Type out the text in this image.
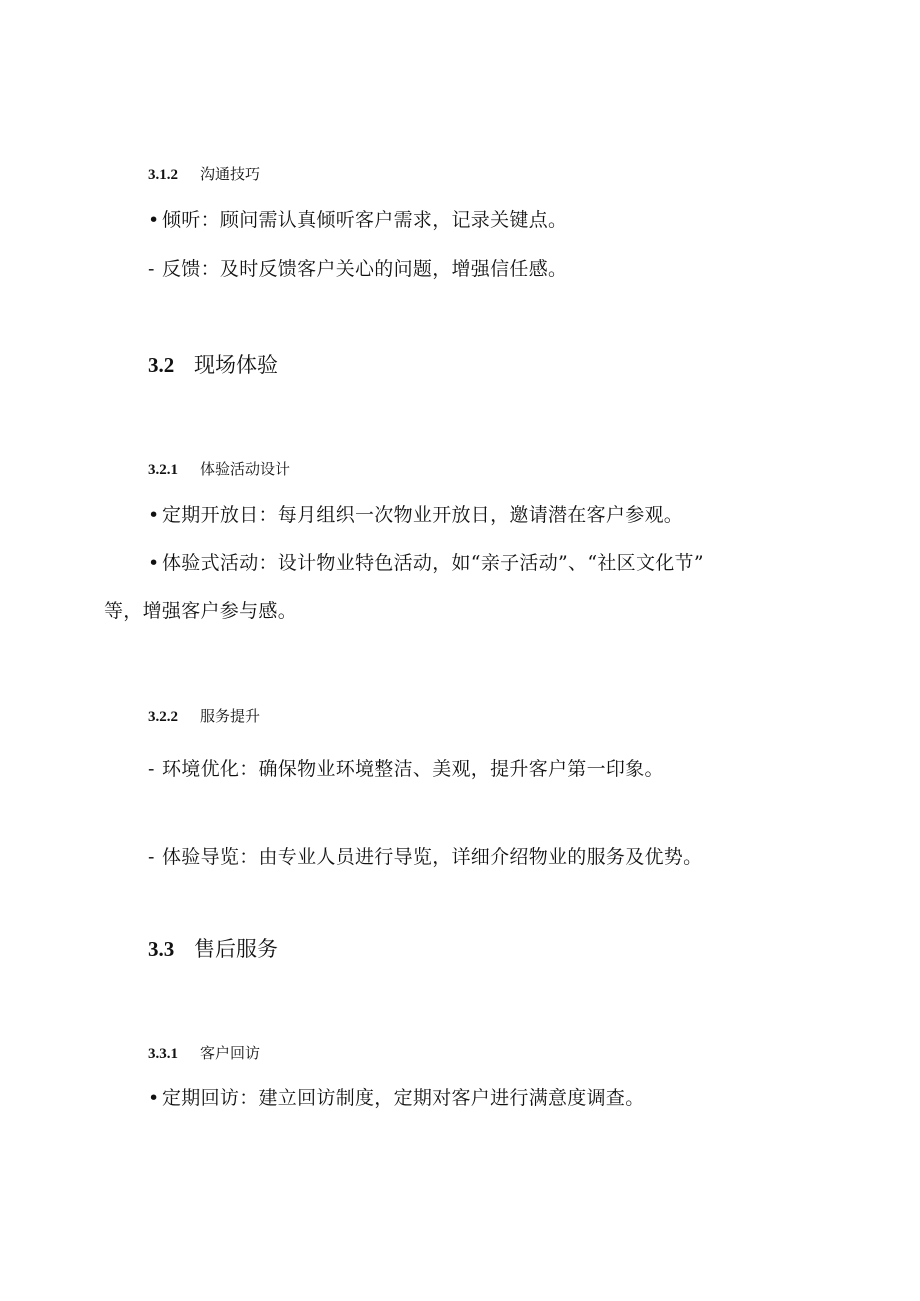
3.1.2 沟通技巧
• 倾听：顾问需认真倾听客户需求，记录关键点。
- 反馈：及时反馈客户关心的问题，增强信任感。
3.2 现场体验
3.2.1 体验活动设计
• 定期开放日：每月组织一次物业开放日，邀请潜在客户参观。
• 体验式活动：设计物业特色活动，如“亲子活动”、“社区文化节”
等，增强客户参与感。
3.2.2 服务提升
- 环境优化：确保物业环境整洁、美观，提升客户第一印象。
- 体验导览：由专业人员进行导览，详细介绍物业的服务及优势。
3.3 售后服务
3.3.1 客户回访
• 定期回访：建立回访制度，定期对客户进行满意度调查。
